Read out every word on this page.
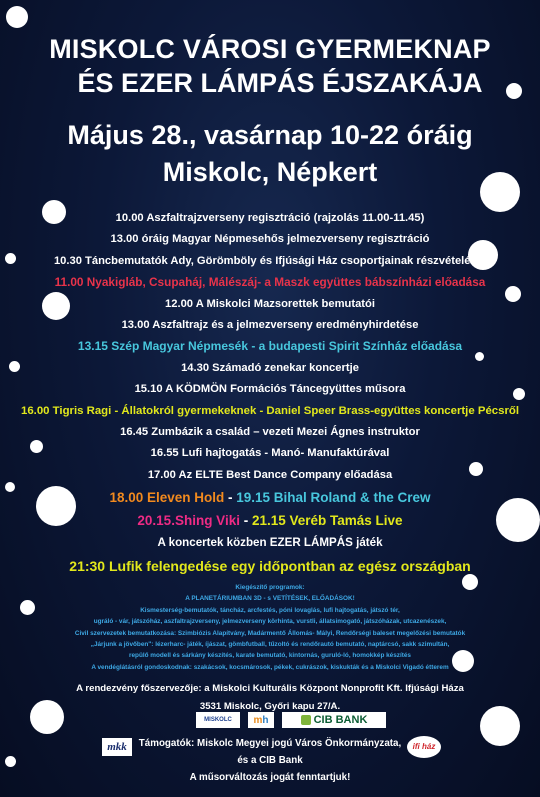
MISKOLC VÁROSI GYERMEKNAP
ÉS EZER LÁMPÁS ÉJSZAKÁJA
Május 28., vasárnap 10-22 óráig
Miskolc, Népkert
10.00 Aszfaltrajzverseny regisztráció (rajzolás 11.00-11.45)
13.00 óráig Magyar Népmesehős jelmezverseny regisztráció
10.30 Táncbemutatók Ady, Görömböly és Ifjúsági Ház csoportjainak részvételével
11.00 Nyakigláb, Csupaháj, Málészáj- a Maszk együttes bábszínházi előadása
12.00 A Miskolci Mazsorettek bemutatói
13.00 Aszfaltrajz és a jelmezverseny eredményhirdetése
13.15 Szép Magyar Népmesék - a budapesti Spirit Színház előadása
14.30 Számadó zenekar koncertje
15.10 A KÖDMÖN Formációs Táncegyüttes műsora
16.00 Tigris Ragi - Állatokról gyermekeknek - Daniel Speer Brass-együttes koncertje Pécsről
16.45 Zumbázik a család – vezeti Mezei Ágnes instruktor
16.55 Lufi hajtogatás - Manó- Manufaktúrával
17.00 Az ELTE Best Dance Company előadása
18.00 Eleven Hold - 19.15 Bihal Roland & the Crew
20.15.Shing Viki - 21.15 Veréb Tamás Live
A koncertek közben EZER LÁMPÁS játék
21:30 Lufik felengedése egy időpontban az egész országban
Kiegészítő programok:
A PLANETÁRIUMBAN 3D - s VETÍTÉSEK, ELŐADÁSOK!
Kismesterség-bemutatók, táncház, arcfestés, póni lovaglás, lufi hajtogatás, játszó tér,
ugráló - vár, játszóház, aszfaltrajzverseny, jelmezverseny körhinta, vurstli, állatsimogató, játszóházak, utcazenészek,
Civil szervezetek bemutatkozása: Szimbiózis Alapítvány, Madármentő Állomás- Mályi, Rendőrségi baleset megelőzési bemutatók
„Járjunk a jövőben": lézerharc- játék, íjászat, gömbfutball, tűzoltó és rendőrautó bemutató, naptárcsó, sakk szimultán,
repülő modell és sárkány készítés, karate bemutató, kintornás, guruló-ló, homokkép készítés
A vendéglátásról gondoskodnak: szakácsok, kocsmárosok, pékek, cukrászok, kiskukták és a Miskolci Vigadó étterem
A rendezvény főszervezője: a Miskolci Kulturális Központ Nonprofit Kft. Ifjúsági Háza
3531 Miskolc, Győri kapu 27/A.
MISKOLC m h	CIB BANK
mkk	ifi ház
Támogatók: Miskolc Megyei jogú Város Önkormányzata,
és a CIB Bank
A műsorváltozás jogát fenntartjuk!
